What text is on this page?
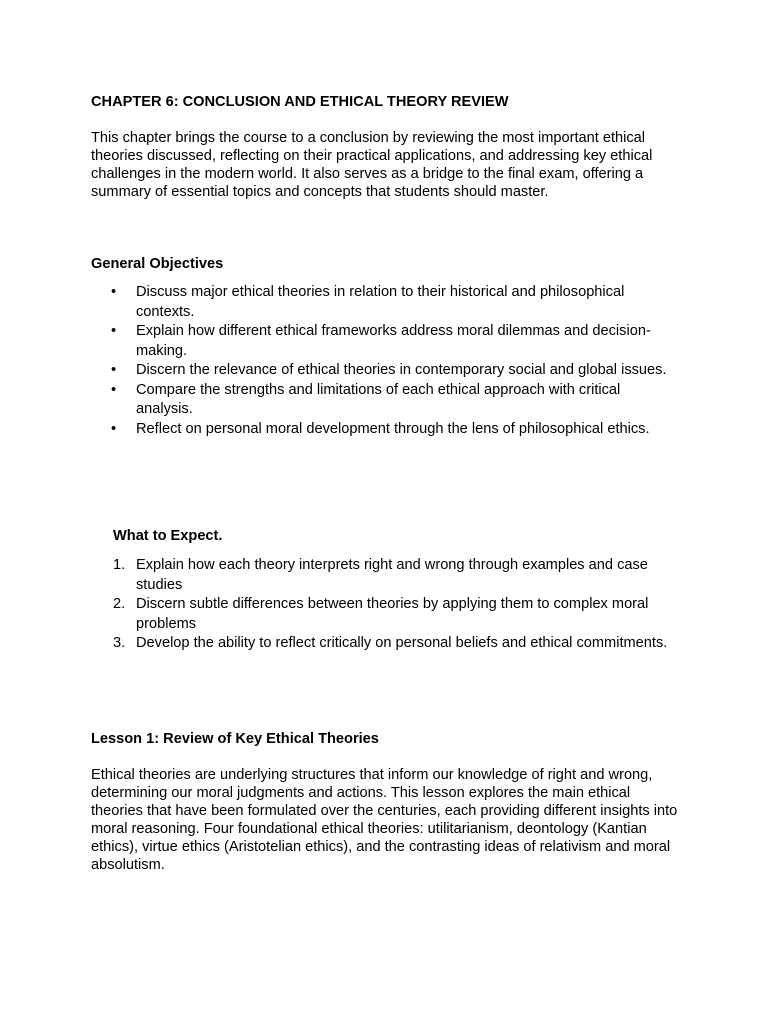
CHAPTER 6: CONCLUSION AND ETHICAL THEORY REVIEW

This chapter brings the course to a conclusion by reviewing the most important ethical theories discussed, reflecting on their practical applications, and addressing key ethical challenges in the modern world. It also serves as a bridge to the final exam, offering a summary of essential topics and concepts that students should master.

General Objectives
• Discuss major ethical theories in relation to their historical and philosophical contexts.
• Explain how different ethical frameworks address moral dilemmas and decision-making.
• Discern the relevance of ethical theories in contemporary social and global issues.
• Compare the strengths and limitations of each ethical approach with critical analysis.
• Reflect on personal moral development through the lens of philosophical ethics.
What to Expect.
1. Explain how each theory interprets right and wrong through examples and case studies
2. Discern subtle differences between theories by applying them to complex moral problems
3. Develop the ability to reflect critically on personal beliefs and ethical commitments.
Lesson 1: Review of Key Ethical Theories

Ethical theories are underlying structures that inform our knowledge of right and wrong, determining our moral judgments and actions. This lesson explores the main ethical theories that have been formulated over the centuries, each providing different insights into moral reasoning. Four foundational ethical theories: utilitarianism, deontology (Kantian ethics), virtue ethics (Aristotelian ethics), and the contrasting ideas of relativism and moral absolutism.
